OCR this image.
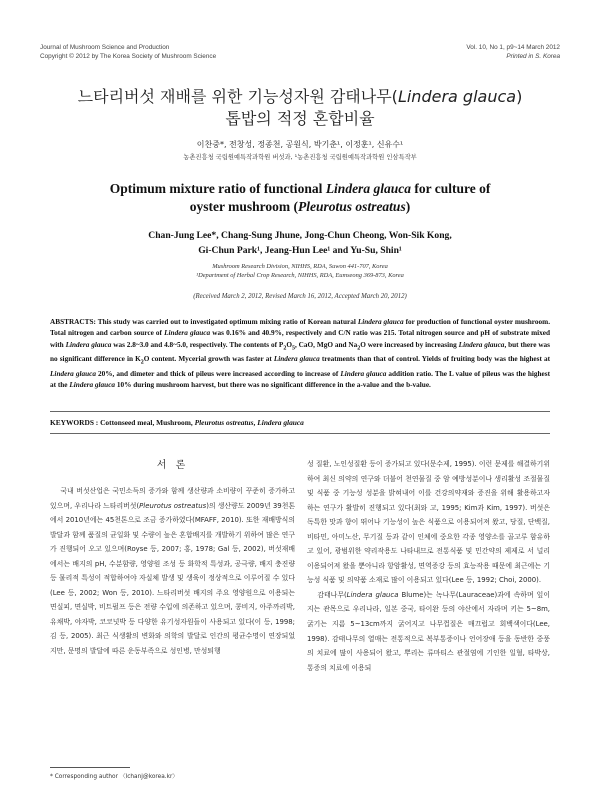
Journal of Mushroom Science and Production
Copyright © 2012 by The Korea Society of Mushroom Science
Vol. 10, No 1, p9~14 March 2012
Printed in S. Korea
느타리버섯 재배를 위한 기능성자원 감태나무(Lindera glauca)
톱밥의 적정 혼합비율
이찬중*, 전창성, 정종천, 공원식, 박기춘¹, 이정훈¹, 신유수¹
농촌진흥청 국립원예특작과학원 버섯과, ¹농촌진흥청 국립원예특작과학원 인삼특작부
Optimum mixture ratio of functional Lindera glauca for culture of
oyster mushroom (Pleurotus ostreatus)
Chan-Jung Lee*, Chang-Sung Jhune, Jong-Chun Cheong, Won-Sik Kong,
Gi-Chun Park¹, Jeang-Hun Lee¹ and Yu-Su, Shin¹
Mushroom Research Division, NIHHS, RDA, Suwon 441-707, Korea
¹Department of Herbal Crop Research, NIHHS, RDA, Eumseong 369-873, Korea
(Received March 2, 2012, Revised March 16, 2012, Accepted March 20, 2012)
ABSTRACTS: This study was carried out to investigated optimum mixing ratio of Korean natural Lindera glauca for production of functional oyster mushroom. Total nitrogen and carbon source of Lindera glauca was 0.16% and 40.9%, respectively and C/N ratio was 215. Total nitrogen source and pH of substrate mixed with Lindera glauca was 2.8~3.0 and 4.8~5.0, respectively. The contents of $P_2O_5$, CaO, MgO and $Na_2O$ were increased by increasing Lindera glauca, but there was no significant difference in $K_2O$ content. Mycerial growth was faster at Lindera glauca treatments than that of control. Yields of fruiting body was the highest at Lindera glauca 20%, and dimeter and thick of pileus were increased according to increase of Lindera glauca addition ratio. The L value of pileus was the highest at the Lindera glauca 10% during mushroom harvest, but there was no significant difference in the a-value and the b-value.
KEYWORDS : Cottonseed meal, Mushroom, Pleurotus ostreatus, Lindera glauca
서 론

국내 버섯산업은 국민소득의 증가와 함께 생산량과 소비량이 꾸준히 증가하고 있으며, 우리나라 느타리버섯(Pleurotus ostreatus)의 생산량도 2009년 39천톤에서 2010년에는 45천톤으로 조금 증가하였다(MFAFF, 2010). 또한 재배방식의 발달과 함께 품질의 균일화 및 수량이 높은 혼합배지를 개발하기 위하여 많은 연구가 진행되어 오고 있으며(Royse 등, 2007; 홍, 1978; Gal 등, 2002), 버섯재배에서는 배지의 pH, 수분함량, 영양원 조성 등 화학적 특성과, 공극량, 배지 충진량 등 물리적 특성이 적합하여야 자실체 발생 및 생육이 정상적으로 이루어질 수 있다(Lee 등, 2002; Won 등, 2010). 느타리버섯 배지의 주요 영양원으로 이용되는 면실피, 면실박, 비트펄프 등은 전량 수입에 의존하고 있으며, 콩비지, 아주까리박, 유채박, 야자박, 코코넛박 등 다양한 유기성자원들이 사용되고 있다(이 등, 1998; 김 등, 2005). 최근 식생활의 변화와 의학의 발달로 인간의 평균수명이 연장되었지만, 문명의 발달에 따른 운동부족으로 성인병, 만성퇴행

성 질환, 노인성질환 등이 증가되고 있다(문수제, 1995). 이런 문제를 해결하기위하여 최신 의약의 연구와 더불어 천연물질 중 암 예방성분이나 생리활성 조절물질 및 식품 중 기능성 성분을 밝혀내어 이를 건강의약재와 증진을 위해 활용하고자 하는 연구가 활발히 진행되고 있다(최와 고, 1995; Kim과 Kim, 1997). 버섯은 독특한 맛과 향이 뛰어나 기능성이 높은 식품으로 이용되어져 왔고, 당질, 단백질, 비타민, 아미노산, 무기질 등과 같이 인체에 중요한 각종 영양소를 골고루 함유하고 있어, 광범위한 약리작용도 나타내므로 전통식품 및 민간약의 제제로 서 널리 이용되어져 왔을 뿐아니라 항암활성, 면역증강 등의 효능작용 때문에 최근에는 기능성 식품 및 의약품 소재로 많이 이용되고 있다(Lee 등, 1992; Choi, 2000).

감태나무(Lindera glauca Blume)는 녹나무(Lauraceae)과에 속하며 잎이 지는 관목으로 우리나라, 일본 중국, 타이완 등의 야산에서 자라며 키는 5~8m, 굵기는 지름 5~13cm까지 굵어지고 나무껍질은 매끄럽고 회백색이다(Lee, 1998). 감태나무의 열매는 전통적으로 복부통증이나 언어장애 등을 동반한 중풍의 치료에 많이 사용되어 왔고, 뿌리는 류마티스 관절염에 기인한 일혈, 타박상, 통증의 치료에 이용되

* Corresponding author 〈lchanj@korea.kr〉
